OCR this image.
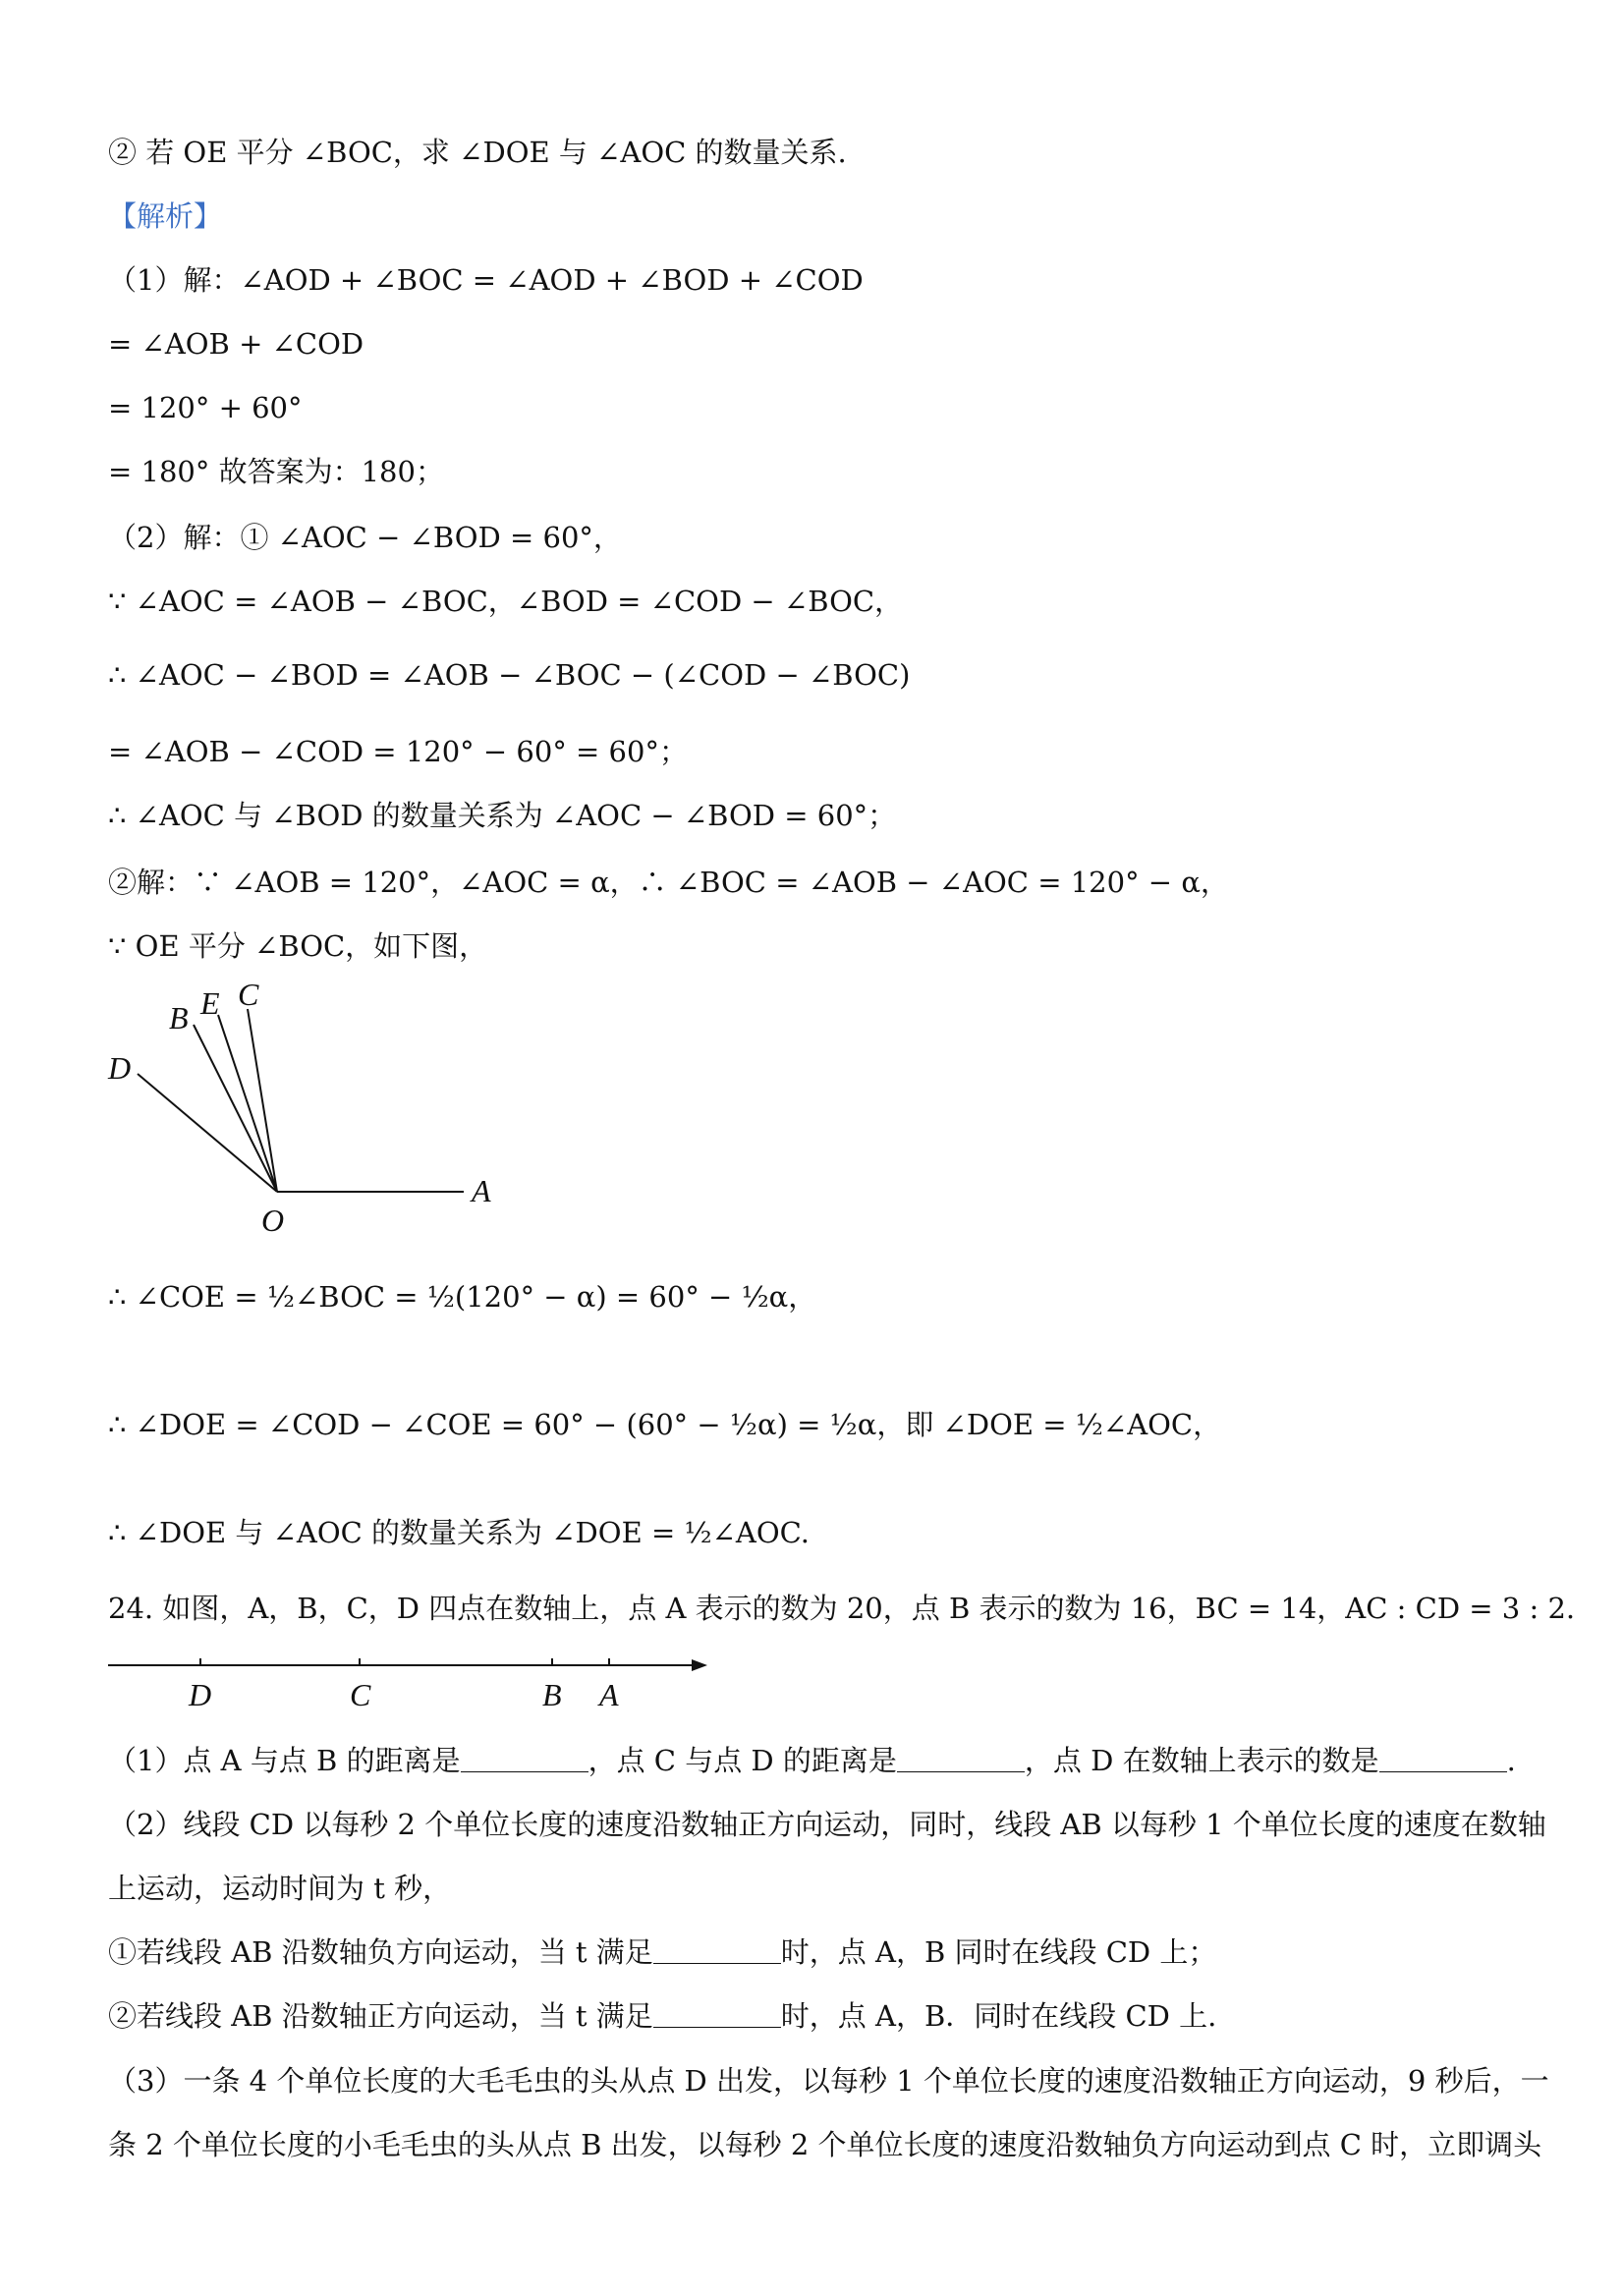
② 若 OE 平分 ∠BOC，求 ∠DOE 与 ∠AOC 的数量关系.
【解析】
（1）解：∠AOD + ∠BOC = ∠AOD + ∠BOD + ∠COD
= ∠AOB + ∠COD
= 120° + 60°
= 180° 故答案为：180；
（2）解：① ∠AOC − ∠BOD = 60°，
∵ ∠AOC = ∠AOB − ∠BOC，∠BOD = ∠COD − ∠BOC，
∴ ∠AOC − ∠BOD = ∠AOB − ∠BOC − (∠COD − ∠BOC)
= ∠AOB − ∠COD = 120° − 60° = 60°；
∴ ∠AOC 与 ∠BOD 的数量关系为 ∠AOC − ∠BOD = 60°；
②解：∵ ∠AOB = 120°，∠AOC = α，∴ ∠BOC = ∠AOB − ∠AOC = 120° − α，
∵ OE 平分 ∠BOC，如下图，
D
B E C
O
A
∴ ∠COE = ½∠BOC = ½(120° − α) = 60° − ½α，
∴ ∠DOE = ∠COD − ∠COE = 60° − (60° − ½α) = ½α，即 ∠DOE = ½∠AOC，
∴ ∠DOE 与 ∠AOC 的数量关系为 ∠DOE = ½∠AOC.
24. 如图，A，B，C，D 四点在数轴上，点 A 表示的数为 20，点 B 表示的数为 16，BC = 14，AC : CD = 3 : 2.
D	C	B A
（1）点 A 与点 B 的距离是	，点 C 与点 D 的距离是	，点 D 在数轴上表示的数是	.
（2）线段 CD 以每秒 2 个单位长度的速度沿数轴正方向运动，同时，线段 AB 以每秒 1 个单位长度的速度在数轴
上运动，运动时间为 t 秒，
①若线段 AB 沿数轴负方向运动，当 t 满足	时，点 A，B 同时在线段 CD 上；
②若线段 AB 沿数轴正方向运动，当 t 满足	时，点 A，B．同时在线段 CD 上.
（3）一条 4 个单位长度的大毛毛虫的头从点 D 出发，以每秒 1 个单位长度的速度沿数轴正方向运动，9 秒后，一
条 2 个单位长度的小毛毛虫的头从点 B 出发，以每秒 2 个单位长度的速度沿数轴负方向运动到点 C 时，立即调头
